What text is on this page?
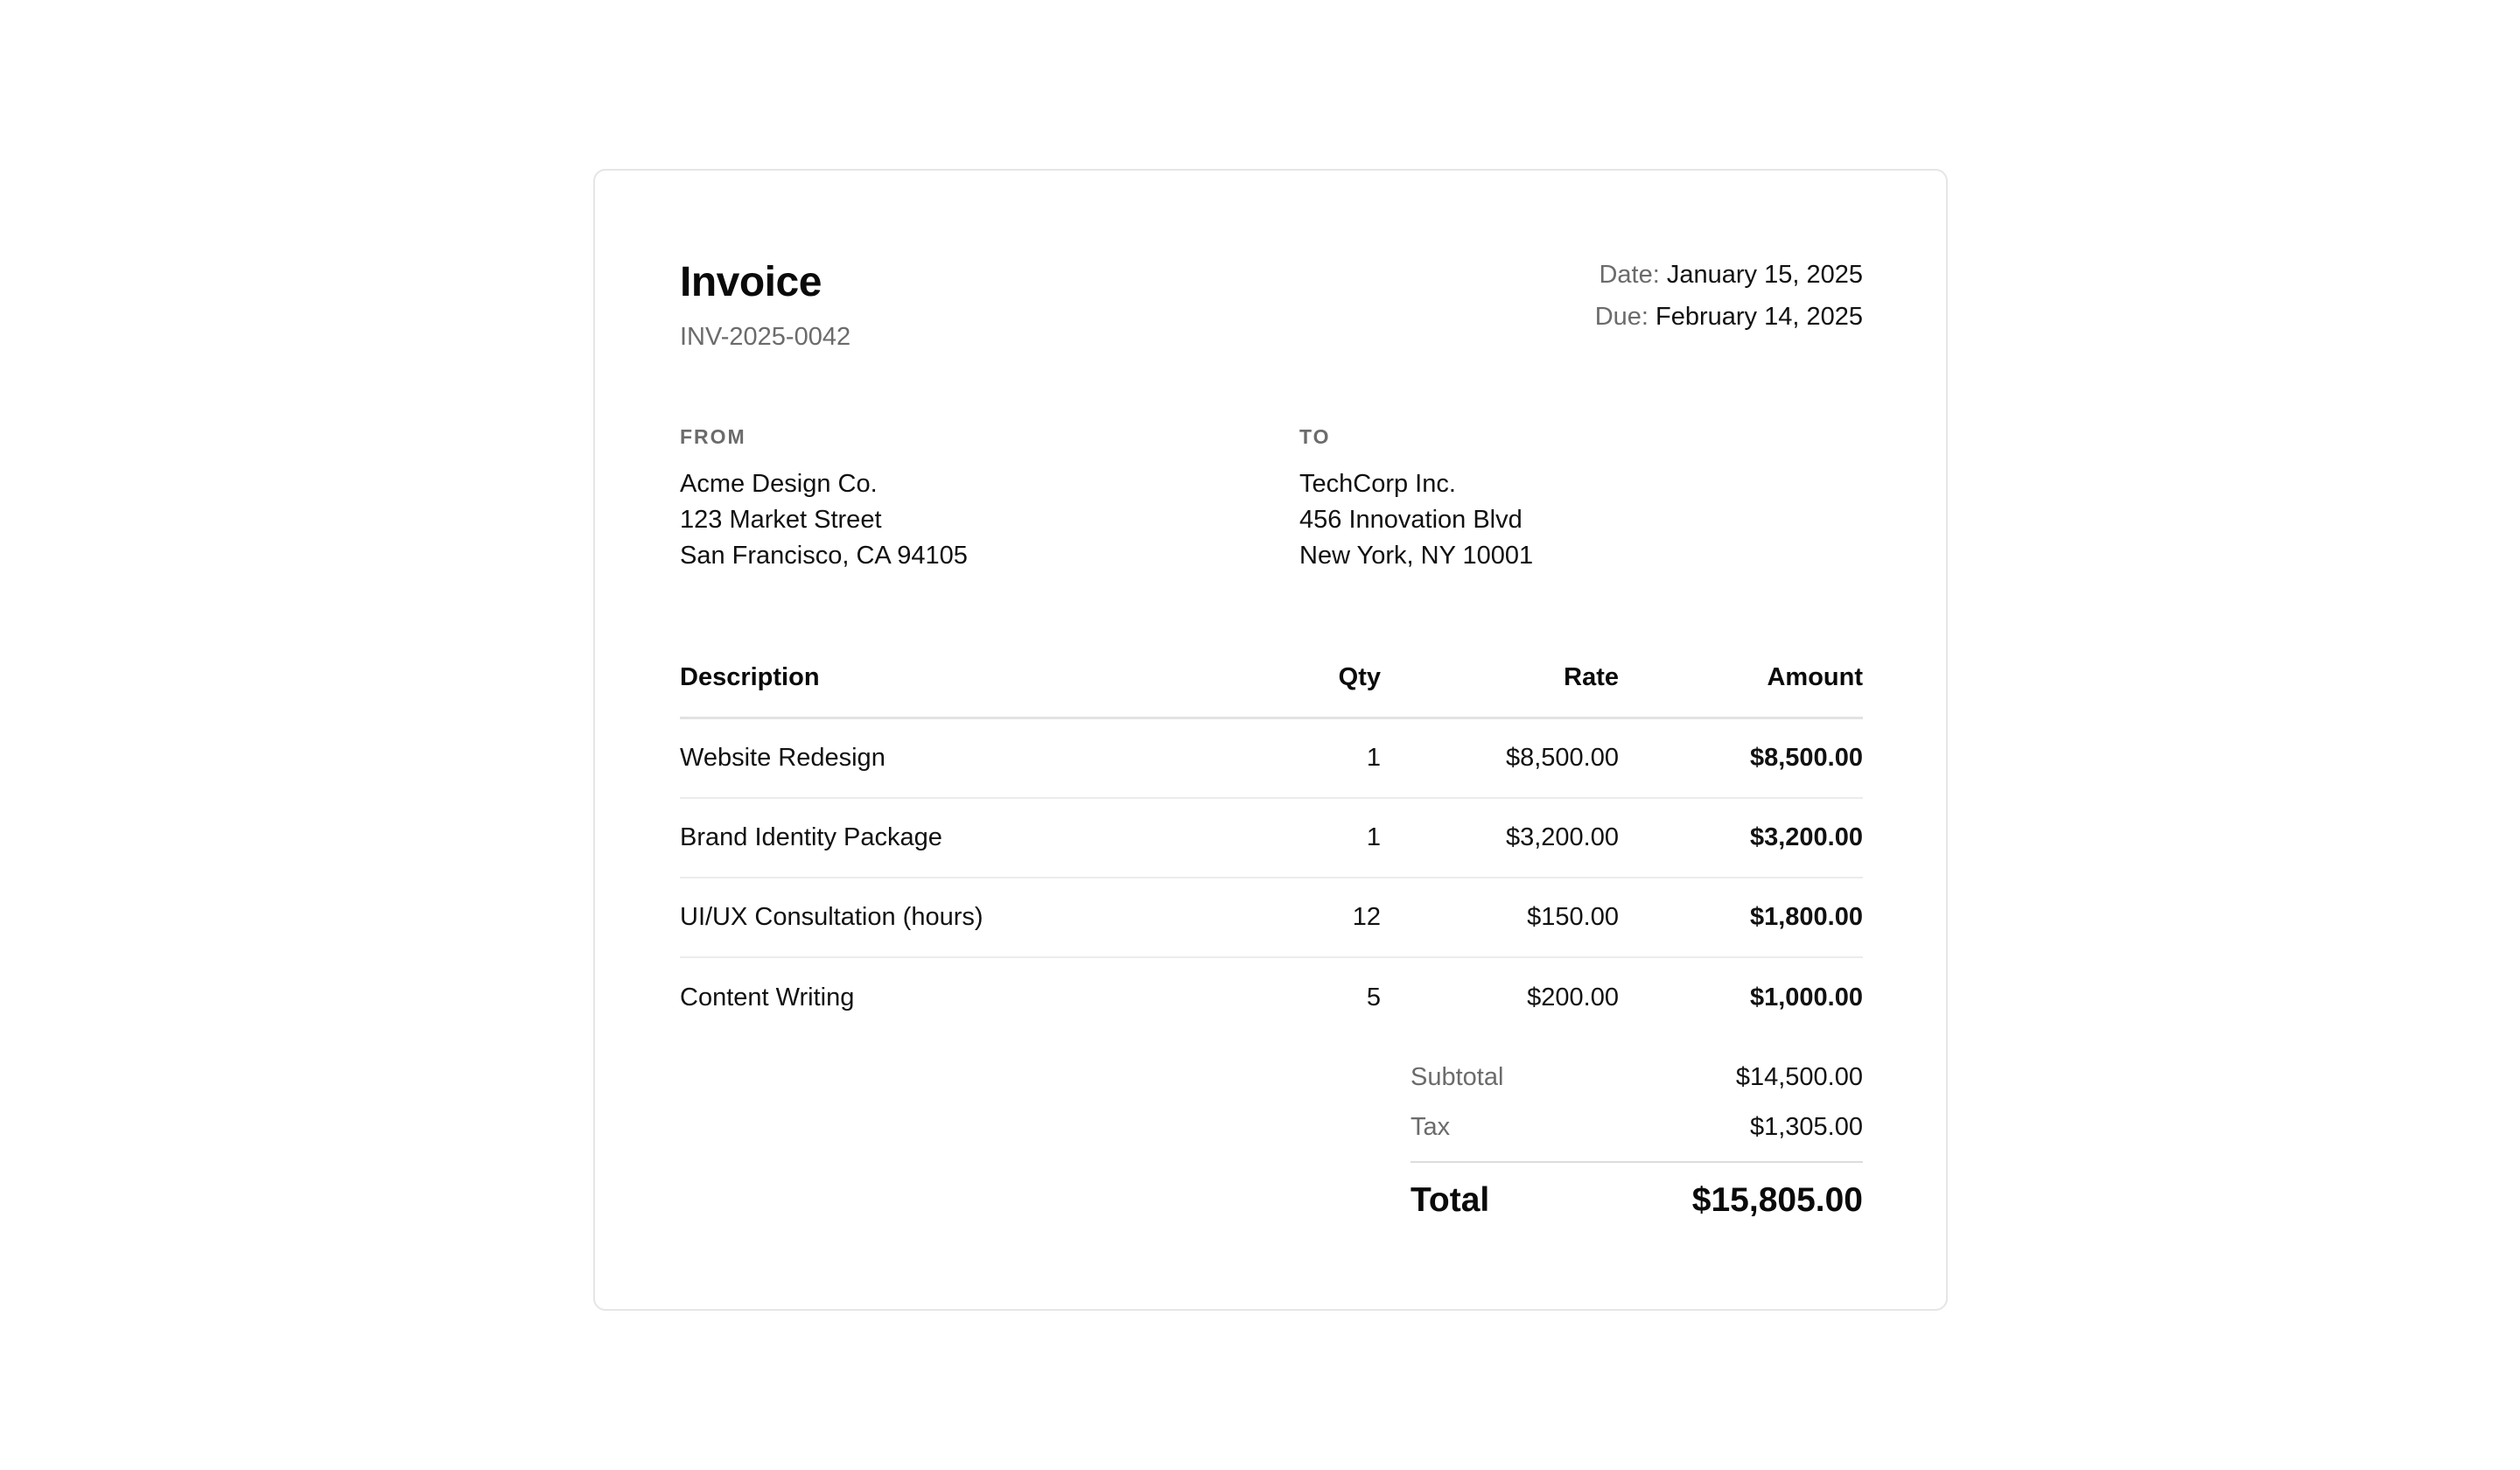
Invoice
INV-2025-0042
Date: January 15, 2025
Due: February 14, 2025
FROM
Acme Design Co.
123 Market Street
San Francisco, CA 94105
TO
TechCorp Inc.
456 Innovation Blvd
New York, NY 10001
Description	Qty	Rate	Amount
Website Redesign	1	$8,500.00	$8,500.00
Brand Identity Package	1	$3,200.00	$3,200.00
UI/UX Consultation (hours)	12	$150.00	$1,800.00
Content Writing	5	$200.00	$1,000.00
Subtotal	$14,500.00
Tax	$1,305.00
Total	$15,805.00
